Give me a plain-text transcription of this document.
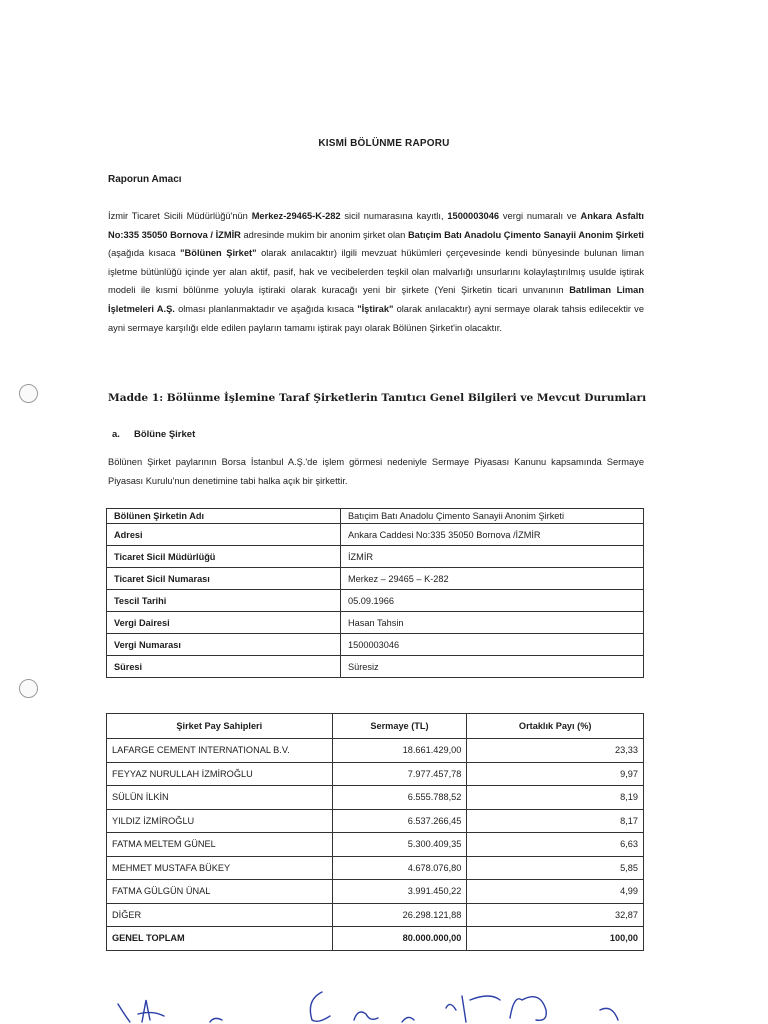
KISMİ BÖLÜNME RAPORU
Raporun Amacı
İzmir Ticaret Sicili Müdürlüğü'nün Merkez-29465-K-282 sicil numarasına kayıtlı, 1500003046 vergi numaralı ve Ankara Asfaltı No:335 35050 Bornova / İZMİR adresinde mukim bir anonim şirket olan Batıçim Batı Anadolu Çimento Sanayii Anonim Şirketi (aşağıda kısaca "Bölünen Şirket" olarak anılacaktır) ilgili mevzuat hükümleri çerçevesinde kendi bünyesinde bulunan liman işletme bütünlüğü içinde yer alan aktif, pasif, hak ve vecibelerden teşkil olan malvarlığı unsurlarını kolaylaştırılmış usulde iştirak modeli ile kısmi bölünme yoluyla iştiraki olarak kuracağı yeni bir şirkete (Yeni Şirketin ticari unvanının Batıliman Liman İşletmeleri A.Ş. olması planlanmaktadır ve aşağıda kısaca "İştirak" olarak anılacaktır) ayni sermaye olarak tahsis edilecektir ve ayni sermaye karşılığı elde edilen payların tamamı iştirak payı olarak Bölünen Şirket'in olacaktır.
Madde 1: Bölünme İşlemine Taraf Şirketlerin Tanıtıcı Genel Bilgileri ve Mevcut Durumları
a. Bölüne Şirket
Bölünen Şirket paylarının Borsa İstanbul A.Ş.'de işlem görmesi nedeniyle Sermaye Piyasası Kanunu kapsamında Sermaye Piyasası Kurulu'nun denetimine tabi halka açık bir şirkettir.
Bölünen Şirketin Adı	Batıçim Batı Anadolu Çimento Sanayii Anonim Şirketi
Adresi	Ankara Caddesi No:335 35050 Bornova /İZMİR
Ticaret Sicil Müdürlüğü	İZMİR
Ticaret Sicil Numarası	Merkez – 29465 – K-282
Tescil Tarihi	05.09.1966
Vergi Dairesi	Hasan Tahsin
Vergi Numarası	1500003046
Süresi	Süresiz
Şirket Pay Sahipleri	Sermaye (TL)	Ortaklık Payı (%)
LAFARGE CEMENT INTERNATIONAL B.V.	18.661.429,00	23,33
FEYYAZ NURULLAH İZMİROĞLU	7.977.457,78	9,97
SÜLÜN İLKİN	6.555.788,52	8,19
YILDIZ İZMİROĞLU	6.537.266,45	8,17
FATMA MELTEM GÜNEL	5.300.409,35	6,63
MEHMET MUSTAFA BÜKEY	4.678.076,80	5,85
FATMA GÜLGÜN ÜNAL	3.991.450,22	4,99
DİĞER	26.298.121,88	32,87
GENEL TOPLAM	80.000.000,00	100,00
